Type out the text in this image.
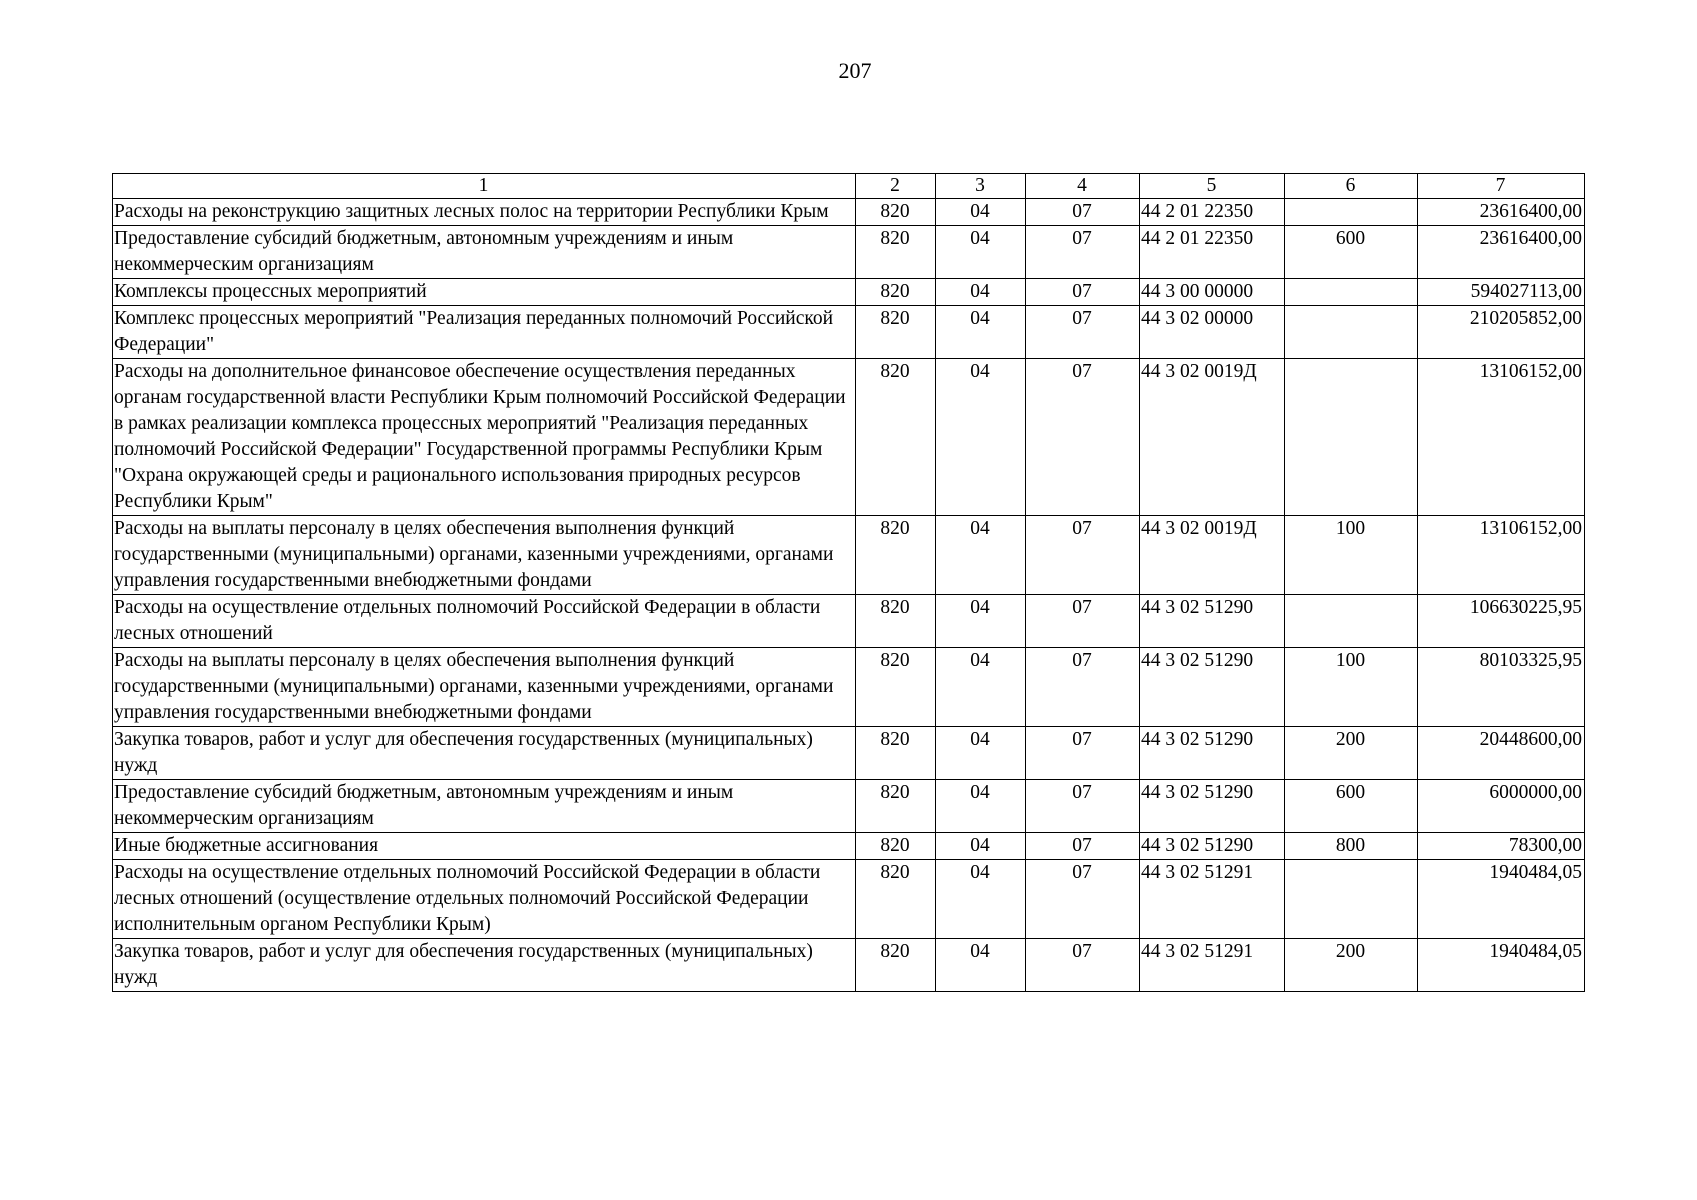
207
1	2	3	4	5	6	7
Расходы на реконструкцию защитных лесных полос на территории Республики Крым	820	04	07	44 2 01 22350		23616400,00
Предоставление субсидий бюджетным, автономным учреждениям и иным некоммерческим организациям	820	04	07	44 2 01 22350	600	23616400,00
Комплексы процессных мероприятий	820	04	07	44 3 00 00000		594027113,00
Комплекс процессных мероприятий "Реализация переданных полномочий Российской Федерации"	820	04	07	44 3 02 00000		210205852,00
Расходы на дополнительное финансовое обеспечение осуществления переданных органам государственной власти Республики Крым полномочий Российской Федерации в рамках реализации комплекса процессных мероприятий "Реализация переданных полномочий Российской Федерации" Государственной программы Республики Крым "Охрана окружающей среды и рационального использования природных ресурсов Республики Крым"	820	04	07	44 3 02 0019Д		13106152,00
Расходы на выплаты персоналу в целях обеспечения выполнения функций государственными (муниципальными) органами, казенными учреждениями, органами управления государственными внебюджетными фондами	820	04	07	44 3 02 0019Д	100	13106152,00
Расходы на осуществление отдельных полномочий Российской Федерации в области лесных отношений	820	04	07	44 3 02 51290		106630225,95
Расходы на выплаты персоналу в целях обеспечения выполнения функций государственными (муниципальными) органами, казенными учреждениями, органами управления государственными внебюджетными фондами	820	04	07	44 3 02 51290	100	80103325,95
Закупка товаров, работ и услуг для обеспечения государственных (муниципальных) нужд	820	04	07	44 3 02 51290	200	20448600,00
Предоставление субсидий бюджетным, автономным учреждениям и иным некоммерческим организациям	820	04	07	44 3 02 51290	600	6000000,00
Иные бюджетные ассигнования	820	04	07	44 3 02 51290	800	78300,00
Расходы на осуществление отдельных полномочий Российской Федерации в области лесных отношений (осуществление отдельных полномочий Российской Федерации исполнительным органом Республики Крым)	820	04	07	44 3 02 51291		1940484,05
Закупка товаров, работ и услуг для обеспечения государственных (муниципальных) нужд	820	04	07	44 3 02 51291	200	1940484,05
